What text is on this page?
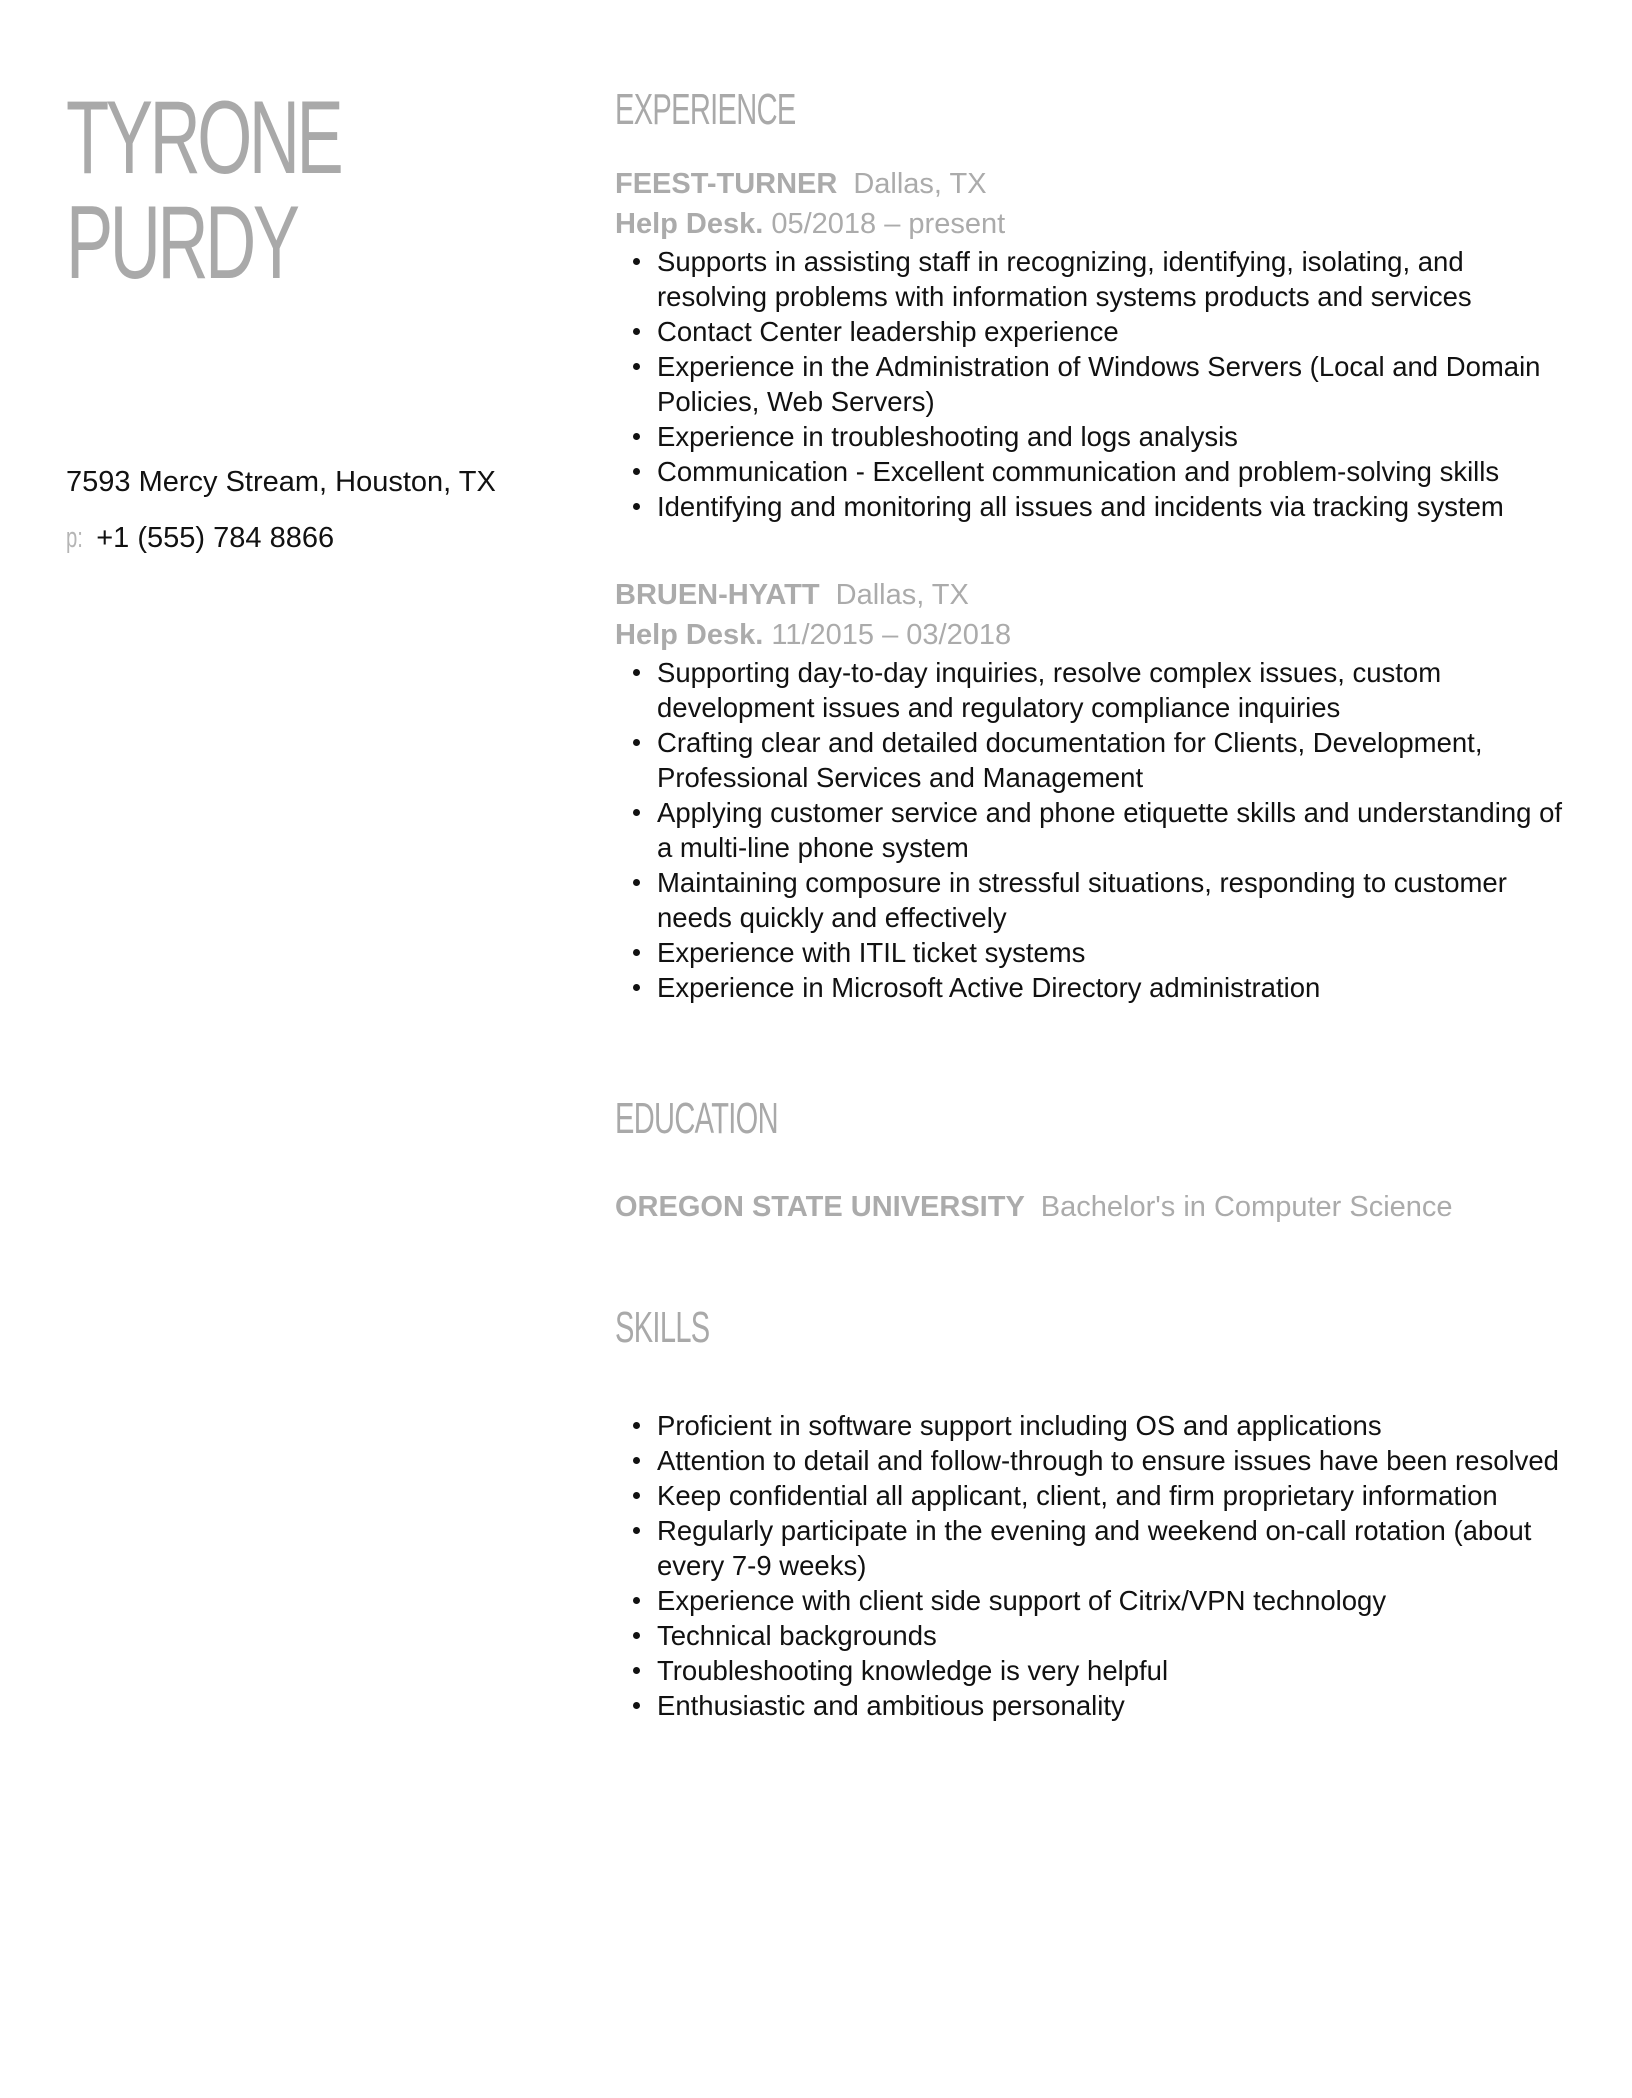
TYRONE
PURDY
7593 Mercy Stream, Houston, TX
p: +1 (555) 784 8866
EXPERIENCE
FEEST-TURNER Dallas, TX
Help Desk. 05/2018 – present
Supports in assisting staff in recognizing, identifying, isolating, and resolving problems with information systems products and services
Contact Center leadership experience
Experience in the Administration of Windows Servers (Local and Domain Policies, Web Servers)
Experience in troubleshooting and logs analysis
Communication - Excellent communication and problem-solving skills
Identifying and monitoring all issues and incidents via tracking system
BRUEN-HYATT Dallas, TX
Help Desk. 11/2015 – 03/2018
Supporting day-to-day inquiries, resolve complex issues, custom development issues and regulatory compliance inquiries
Crafting clear and detailed documentation for Clients, Development, Professional Services and Management
Applying customer service and phone etiquette skills and understanding of a multi-line phone system
Maintaining composure in stressful situations, responding to customer needs quickly and effectively
Experience with ITIL ticket systems
Experience in Microsoft Active Directory administration
EDUCATION
OREGON STATE UNIVERSITY Bachelor's in Computer Science
SKILLS
Proficient in software support including OS and applications
Attention to detail and follow-through to ensure issues have been resolved
Keep confidential all applicant, client, and firm proprietary information
Regularly participate in the evening and weekend on-call rotation (about every 7-9 weeks)
Experience with client side support of Citrix/VPN technology
Technical backgrounds
Troubleshooting knowledge is very helpful
Enthusiastic and ambitious personality
